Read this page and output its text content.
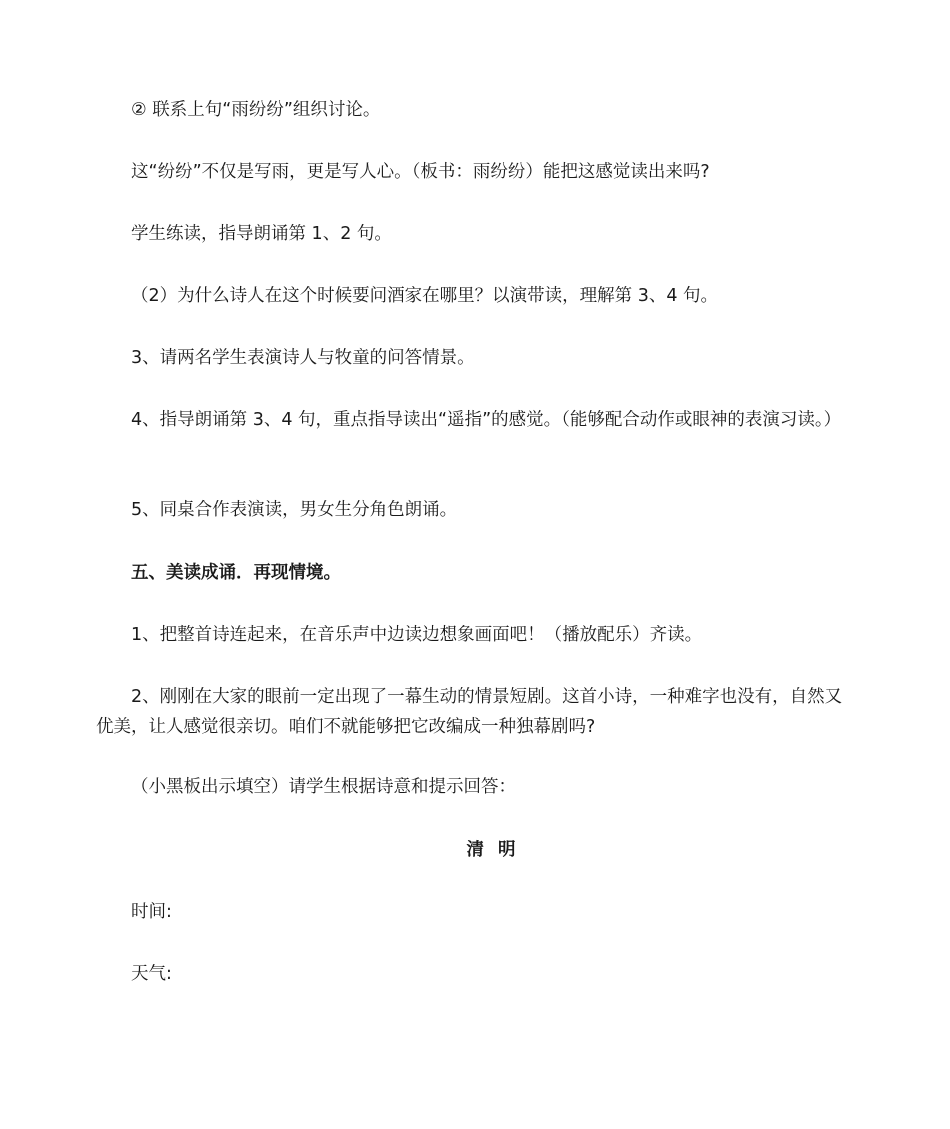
② 联系上句“雨纷纷”组织讨论。
这“纷纷”不仅是写雨，更是写人心。（板书：雨纷纷）能把这感觉读出来吗?
学生练读，指导朗诵第 1、2 句。
（2）为什么诗人在这个时候要问酒家在哪里？以演带读，理解第 3、4 句。
3、请两名学生表演诗人与牧童的问答情景。
4、指导朗诵第 3、4 句，重点指导读出“遥指”的感觉。（能够配合动作或眼神的表演习读。）
5、同桌合作表演读，男女生分角色朗诵。
五、美读成诵．再现情境。
1、把整首诗连起来，在音乐声中边读边想象画面吧！（播放配乐）齐读。
2、刚刚在大家的眼前一定出现了一幕生动的情景短剧。这首小诗，一种难字也没有，自然又优美，让人感觉很亲切。咱们不就能够把它改编成一种独幕剧吗?
（小黑板出示填空）请学生根据诗意和提示回答：
清 明
时间:
天气:
